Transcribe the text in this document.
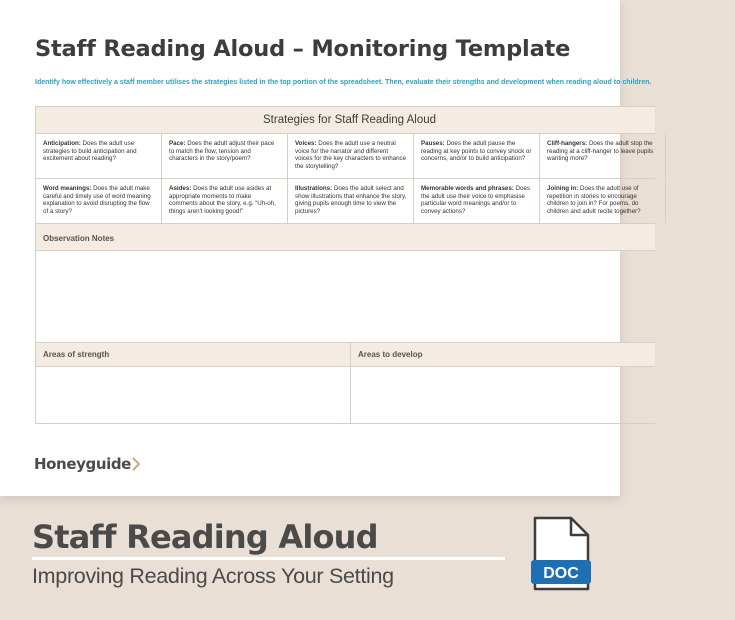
Staff Reading Aloud – Monitoring Template
Identify how effectively a staff member utilises the strategies listed in the top portion of the spreadsheet. Then, evaluate their strengths and development when reading aloud to children.
Strategies for Staff Reading Aloud
Anticipation: Does the adult use strategies to build anticipation and excitement about reading?
Pace: Does the adult adjust their pace to match the flow, tension and characters in the story/poem?
Voices: Does the adult use a neutral voice for the narrator and different voices for the key characters to enhance the storytelling?
Pauses: Does the adult pause the reading at key points to convey shock or concerns, and/or to build anticipation?
Cliff-hangers: Does the adult stop the reading at a cliff-hanger to leave pupils wanting more?
Word meanings: Does the adult make careful and timely use of word meaning explanation to avoid disrupting the flow of a story?
Asides: Does the adult use asides at appropriate moments to make comments about the story, e.g. “Uh-oh, things aren't looking good!”
Illustrations: Does the adult select and show illustrations that enhance the story, giving pupils enough time to view the pictures?
Memorable words and phrases: Does the adult use their voice to emphasise particular word meanings and/or to convey actions?
Joining in: Does the adult use of repetition in stories to encourage children to join in? For poems, do children and adult recite together?
Observation Notes
Areas of strength	Areas to develop
Honeyguide
Staff Reading Aloud
Improving Reading Across Your Setting	DOC
